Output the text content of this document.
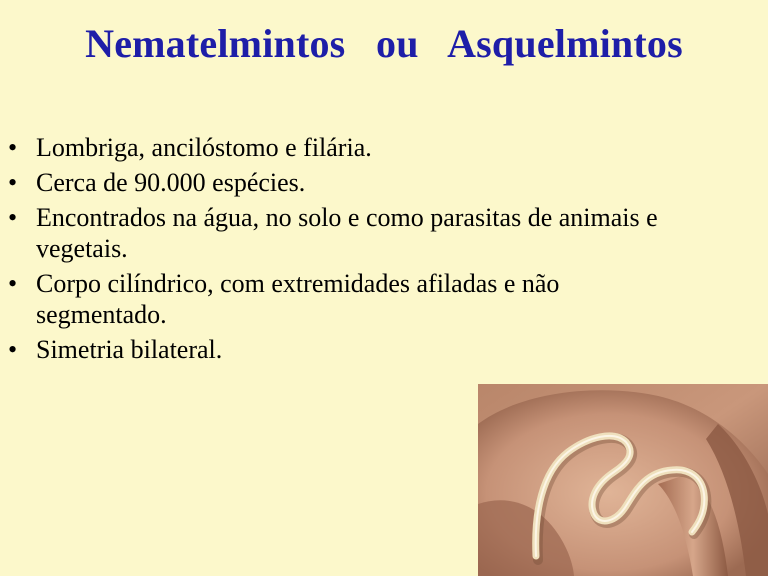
Nematelmintos   ou   Asquelmintos
• Lombriga, ancilóstomo e filária.
• Cerca de 90.000 espécies.
• Encontrados na água, no solo e como parasitas de animais e vegetais.
• Corpo cilíndrico, com extremidades afiladas e não segmentado.
• Simetria bilateral.
